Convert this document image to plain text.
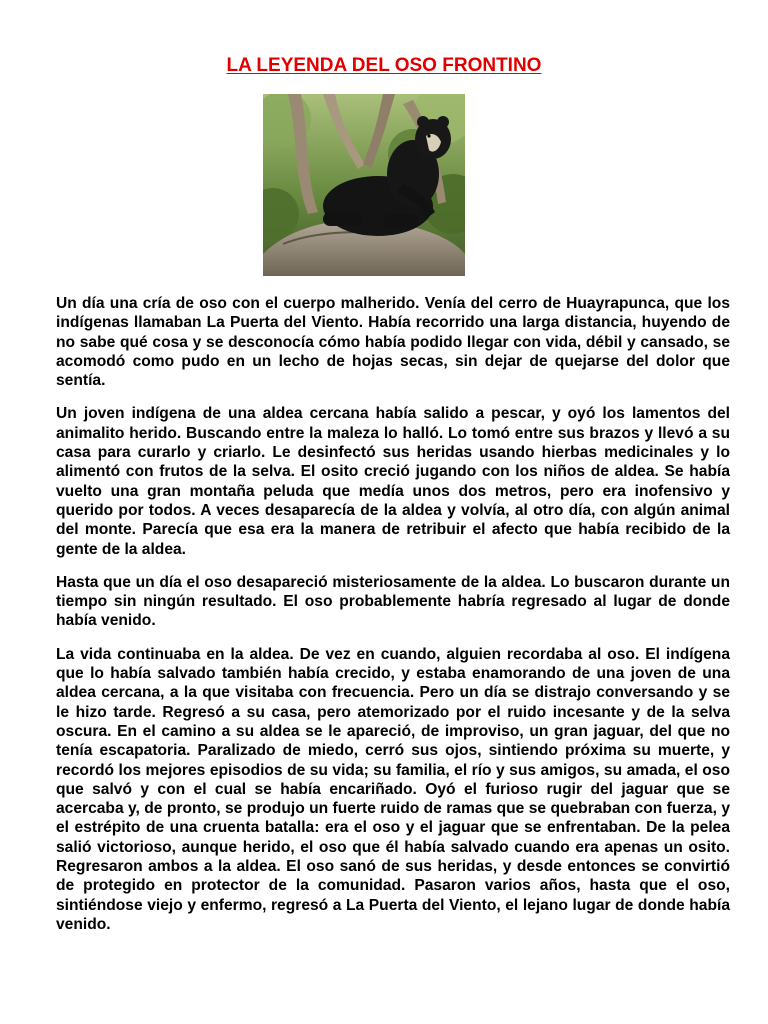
LA LEYENDA DEL OSO FRONTINO

Un día una cría de oso con el cuerpo malherido. Venía del cerro de Huayrapunca, que los indígenas llamaban La Puerta del Viento. Había recorrido una larga distancia, huyendo de no sabe qué cosa y se desconocía cómo había podido llegar con vida, débil y cansado, se acomodó como pudo en un lecho de hojas secas, sin dejar de quejarse del dolor que sentía.

Un joven indígena de una aldea cercana había salido a pescar, y oyó los lamentos del animalito herido. Buscando entre la maleza lo halló. Lo tomó entre sus brazos y llevó a su casa para curarlo y criarlo. Le desinfectó sus heridas usando hierbas medicinales y lo alimentó con frutos de la selva. El osito creció jugando con los niños de aldea. Se había vuelto una gran montaña peluda que medía unos dos metros, pero era inofensivo y querido por todos. A veces desaparecía de la aldea y volvía, al otro día, con algún animal del monte. Parecía que esa era la manera de retribuir el afecto que había recibido de la gente de la aldea.

Hasta que un día el oso desapareció misteriosamente de la aldea. Lo buscaron durante un tiempo sin ningún resultado. El oso probablemente habría regresado al lugar de donde había venido.

La vida continuaba en la aldea. De vez en cuando, alguien recordaba al oso. El indígena que lo había salvado también había crecido, y estaba enamorando de una joven de una aldea cercana, a la que visitaba con frecuencia. Pero un día se distrajo conversando y se le hizo tarde. Regresó a su casa, pero atemorizado por el ruido incesante y de la selva oscura. En el camino a su aldea se le apareció, de improviso, un gran jaguar, del que no tenía escapatoria. Paralizado de miedo, cerró sus ojos, sintiendo próxima su muerte, y recordó los mejores episodios de su vida; su familia, el río y sus amigos, su amada, el oso que salvó y con el cual se había encariñado. Oyó el furioso rugir del jaguar que se acercaba y, de pronto, se produjo un fuerte ruido de ramas que se quebraban con fuerza, y el estrépito de una cruenta batalla: era el oso y el jaguar que se enfrentaban. De la pelea salió victorioso, aunque herido, el oso que él había salvado cuando era apenas un osito. Regresaron ambos a la aldea. El oso sanó de sus heridas, y desde entonces se convirtió de protegido en protector de la comunidad. Pasaron varios años, hasta que el oso, sintiéndose viejo y enfermo, regresó a La Puerta del Viento, el lejano lugar de donde había venido.
